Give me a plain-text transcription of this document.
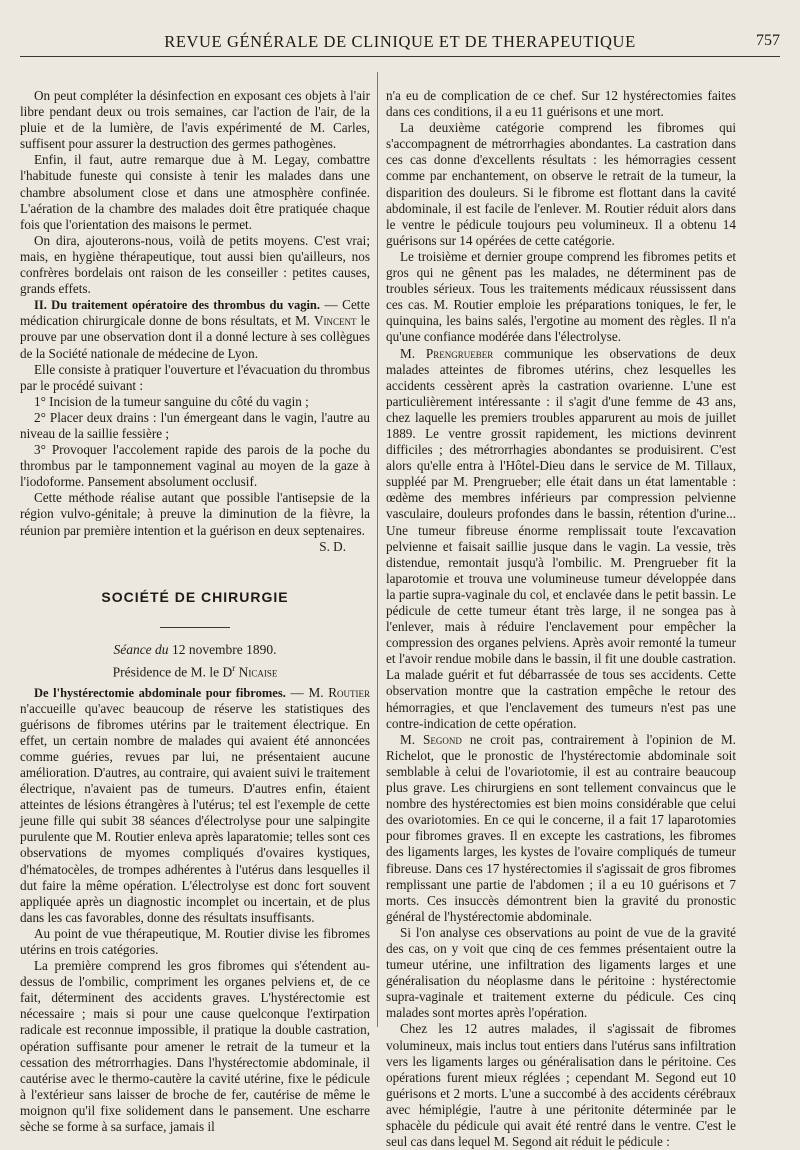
REVUE GÉNÉRALE DE CLINIQUE ET DE THERAPEUTIQUE	757

On peut compléter la désinfection en exposant ces objets à l'air libre pendant deux ou trois semaines, car l'action de l'air, de la pluie et de la lumière, de l'avis expérimenté de M. Carles, suffisent pour assurer la destruction des germes pathogènes.

Enfin, il faut, autre remarque due à M. Legay, combattre l'habitude funeste qui consiste à tenir les malades dans une chambre absolument close et dans une atmosphère confinée. L'aération de la chambre des malades doit être pratiquée chaque fois que l'orientation des maisons le permet.

On dira, ajouterons-nous, voilà de petits moyens. C'est vrai; mais, en hygiène thérapeutique, tout aussi bien qu'ailleurs, nos confrères bordelais ont raison de les conseiller : petites causes, grands effets.

II. Du traitement opératoire des thrombus du vagin. — Cette médication chirurgicale donne de bons résultats, et M. Vincent le prouve par une observation dont il a donné lecture à ses collègues de la Société nationale de médecine de Lyon.

Elle consiste à pratiquer l'ouverture et l'évacuation du thrombus par le procédé suivant :

1° Incision de la tumeur sanguine du côté du vagin ;

2° Placer deux drains : l'un émergeant dans le vagin, l'autre au niveau de la saillie fessière ;

3° Provoquer l'accolement rapide des parois de la poche du thrombus par le tamponnement vaginal au moyen de la gaze à l'iodoforme. Pansement absolument occlusif.

Cette méthode réalise autant que possible l'antisepsie de la région vulvo-génitale; à preuve la diminution de la fièvre, la réunion par première intention et la guérison en deux septenaires.

S. D.
SOCIÉTÉ DE CHIRURGIE
Séance du 12 novembre 1890.
Présidence de M. le $D^r$ Nicaise

De l'hystérectomie abdominale pour fibromes. — M. Routier n'accueille qu'avec beaucoup de réserve les statistiques des guérisons de fibromes utérins par le traitement électrique. En effet, un certain nombre de malades qui avaient été annoncées comme guéries, revues par lui, ne présentaient aucune amélioration. D'autres, au contraire, qui avaient suivi le traitement électrique, n'avaient pas de tumeurs. D'autres enfin, étaient atteintes de lésions étrangères à l'utérus; tel est l'exemple de cette jeune fille qui subit 38 séances d'électrolyse pour une salpingite purulente que M. Routier enleva après laparatomie; telles sont ces observations de myomes compliqués d'ovaires kystiques, d'hématocèles, de trompes adhérentes à l'utérus dans lesquelles il dut faire la même opération. L'électrolyse est donc fort souvent appliquée après un diagnostic incomplet ou incertain, et de plus dans les cas favorables, donne des résultats insuffisants.

Au point de vue thérapeutique, M. Routier divise les fibromes utérins en trois catégories.

La première comprend les gros fibromes qui s'étendent au-dessus de l'ombilic, compriment les organes pelviens et, de ce fait, déterminent des accidents graves. L'hystérectomie est nécessaire ; mais si pour une cause quelconque l'extirpation radicale est reconnue impossible, il pratique la double castration, opération suffisante pour amener le retrait de la tumeur et la cessation des métrorrhagies. Dans l'hystérectomie abdominale, il cautérise avec le thermo-cautère la cavité utérine, fixe le pédicule à l'extérieur sans laisser de broche de fer, cautérise de même le moignon qu'il fixe solidement dans le pansement. Une escharre sèche se forme à sa surface, jamais il

n'a eu de complication de ce chef. Sur 12 hystérectomies faites dans ces conditions, il a eu 11 guérisons et une mort.

La deuxième catégorie comprend les fibromes qui s'accompagnent de métrorrhagies abondantes. La castration dans ces cas donne d'excellents résultats : les hémorragies cessent comme par enchantement, on observe le retrait de la tumeur, la disparition des douleurs. Si le fibrome est flottant dans la cavité abdominale, il est facile de l'enlever. M. Routier réduit alors dans le ventre le pédicule toujours peu volumineux. Il a obtenu 14 guérisons sur 14 opérées de cette catégorie.

Le troisième et dernier groupe comprend les fibromes petits et gros qui ne gênent pas les malades, ne déterminent pas de troubles sérieux. Tous les traitements médicaux réussissent dans ces cas. M. Routier emploie les préparations toniques, le fer, le quinquina, les bains salés, l'ergotine au moment des règles. Il n'a qu'une confiance modérée dans l'électrolyse.

M. Prengrueber communique les observations de deux malades atteintes de fibromes utérins, chez lesquelles les accidents cessèrent après la castration ovarienne. L'une est particulièrement intéressante : il s'agit d'une femme de 43 ans, chez laquelle les premiers troubles apparurent au mois de juillet 1889. Le ventre grossit rapidement, les mictions devinrent difficiles ; des métrorrhagies abondantes se produisirent. C'est alors qu'elle entra à l'Hôtel-Dieu dans le service de M. Tillaux, suppléé par M. Prengrueber; elle était dans un état lamentable : œdème des membres inférieurs par compression pelvienne vasculaire, douleurs profondes dans le bassin, rétention d'urine... Une tumeur fibreuse énorme remplissait toute l'excavation pelvienne et faisait saillie jusque dans le vagin. La vessie, très distendue, remontait jusqu'à l'ombilic. M. Prengrueber fit la laparotomie et trouva une volumineuse tumeur développée dans la partie supra-vaginale du col, et enclavée dans le petit bassin. Le pédicule de cette tumeur étant très large, il ne songea pas à l'enlever, mais à réduire l'enclavement pour empêcher la compression des organes pelviens. Après avoir remonté la tumeur et l'avoir rendue mobile dans le bassin, il fit une double castration. La malade guérit et fut débarrassée de tous ses accidents. Cette observation montre que la castration empêche le retour des hémorragies, et que l'enclavement des tumeurs n'est pas une contre-indication de cette opération.

M. Segond ne croit pas, contrairement à l'opinion de M. Richelot, que le pronostic de l'hystérectomie abdominale soit semblable à celui de l'ovariotomie, il est au contraire beaucoup plus grave. Les chirurgiens en sont tellement convaincus que le nombre des hystérectomies est bien moins considérable que celui des ovariotomies. En ce qui le concerne, il a fait 17 laparotomies pour fibromes graves. Il en excepte les castrations, les fibromes des ligaments larges, les kystes de l'ovaire compliqués de tumeur fibreuse. Dans ces 17 hystérectomies il s'agissait de gros fibromes remplissant une partie de l'abdomen ; il a eu 10 guérisons et 7 morts. Ces insuccès démontrent bien la gravité du pronostic général de l'hystérectomie abdominale.

Si l'on analyse ces observations au point de vue de la gravité des cas, on y voit que cinq de ces femmes présentaient outre la tumeur utérine, une infiltration des ligaments larges et une généralisation du néoplasme dans le péritoine : hystérectomie supra-vaginale et traitement externe du pédicule. Ces cinq malades sont mortes après l'opération.

Chez les 12 autres malades, il s'agissait de fibromes volumineux, mais inclus tout entiers dans l'utérus sans infiltration vers les ligaments larges ou généralisation dans le péritoine. Ces opérations furent mieux réglées ; cependant M. Segond eut 10 guérisons et 2 morts. L'une a succombé à des accidents cérébraux avec hémiplégie, l'autre à une péritonite déterminée par le sphacèle du pédicule qui avait été rentré dans le ventre. C'est le seul cas dans lequel M. Segond ait réduit le pédicule :
